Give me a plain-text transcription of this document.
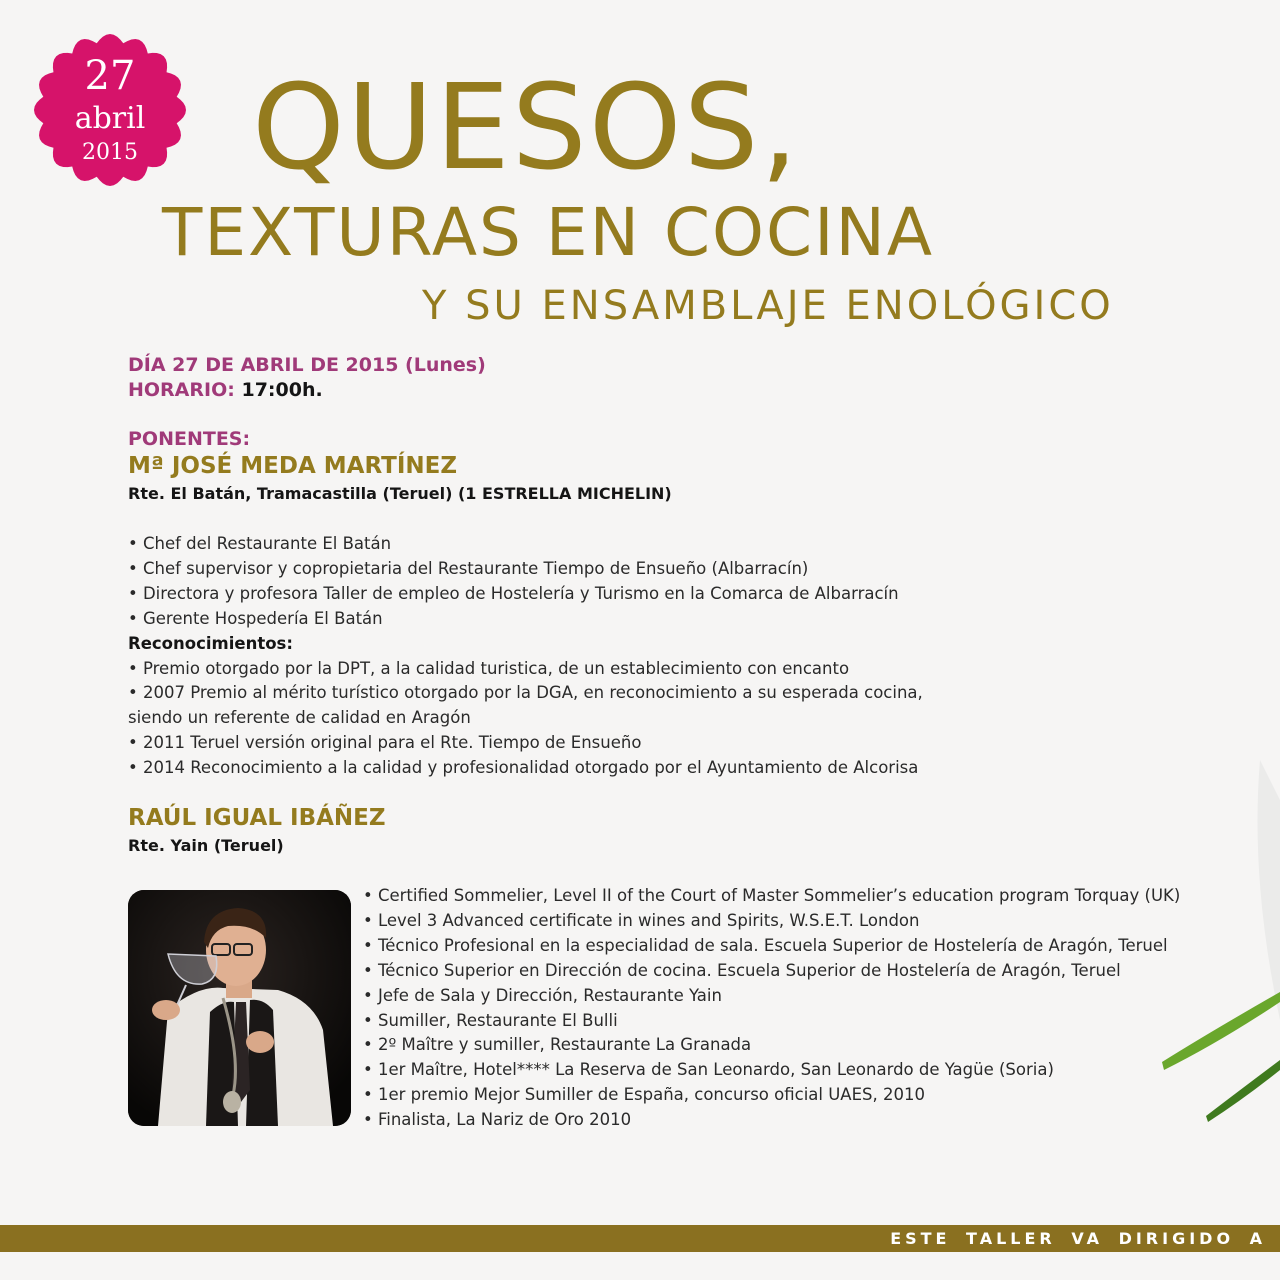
27
abril
2015 QUESOS,
TEXTURAS EN COCINA
Y SU ENSAMBLAJE ENOLÓGICO
DÍA 27 DE ABRIL DE 2015 (Lunes)
HORARIO: 17:00h.
PONENTES:
Mª JOSÉ MEDA MARTÍNEZ
Rte. El Batán, Tramacastilla (Teruel) (1 ESTRELLA MICHELIN)
• Chef del Restaurante El Batán
• Chef supervisor y copropietaria del Restaurante Tiempo de Ensueño (Albarracín)
• Directora y profesora Taller de empleo de Hostelería y Turismo en la Comarca de Albarracín
• Gerente Hospedería El Batán
Reconocimientos:
• Premio otorgado por la DPT, a la calidad turistica, de un establecimiento con encanto
• 2007 Premio al mérito turístico otorgado por la DGA, en reconocimiento a su esperada cocina,
siendo un referente de calidad en Aragón
• 2011 Teruel versión original para el Rte. Tiempo de Ensueño
• 2014 Reconocimiento a la calidad y profesionalidad otorgado por el Ayuntamiento de Alcorisa
RAÚL IGUAL IBÁÑEZ
Rte. Yain (Teruel)
• Certified Sommelier, Level II of the Court of Master Sommelier’s education program Torquay (UK)
• Level 3 Advanced certificate in wines and Spirits, W.S.E.T. London
• Técnico Profesional en la especialidad de sala. Escuela Superior de Hostelería de Aragón, Teruel
• Técnico Superior en Dirección de cocina. Escuela Superior de Hostelería de Aragón, Teruel
• Jefe de Sala y Dirección, Restaurante Yain
• Sumiller, Restaurante El Bulli
• 2º Maître y sumiller, Restaurante La Granada
• 1er Maître, Hotel**** La Reserva de San Leonardo, San Leonardo de Yagüe (Soria)
• 1er premio Mejor Sumiller de España, concurso oficial UAES, 2010
• Finalista, La Nariz de Oro 2010
ESTE TALLER VA DIRIGIDO A
